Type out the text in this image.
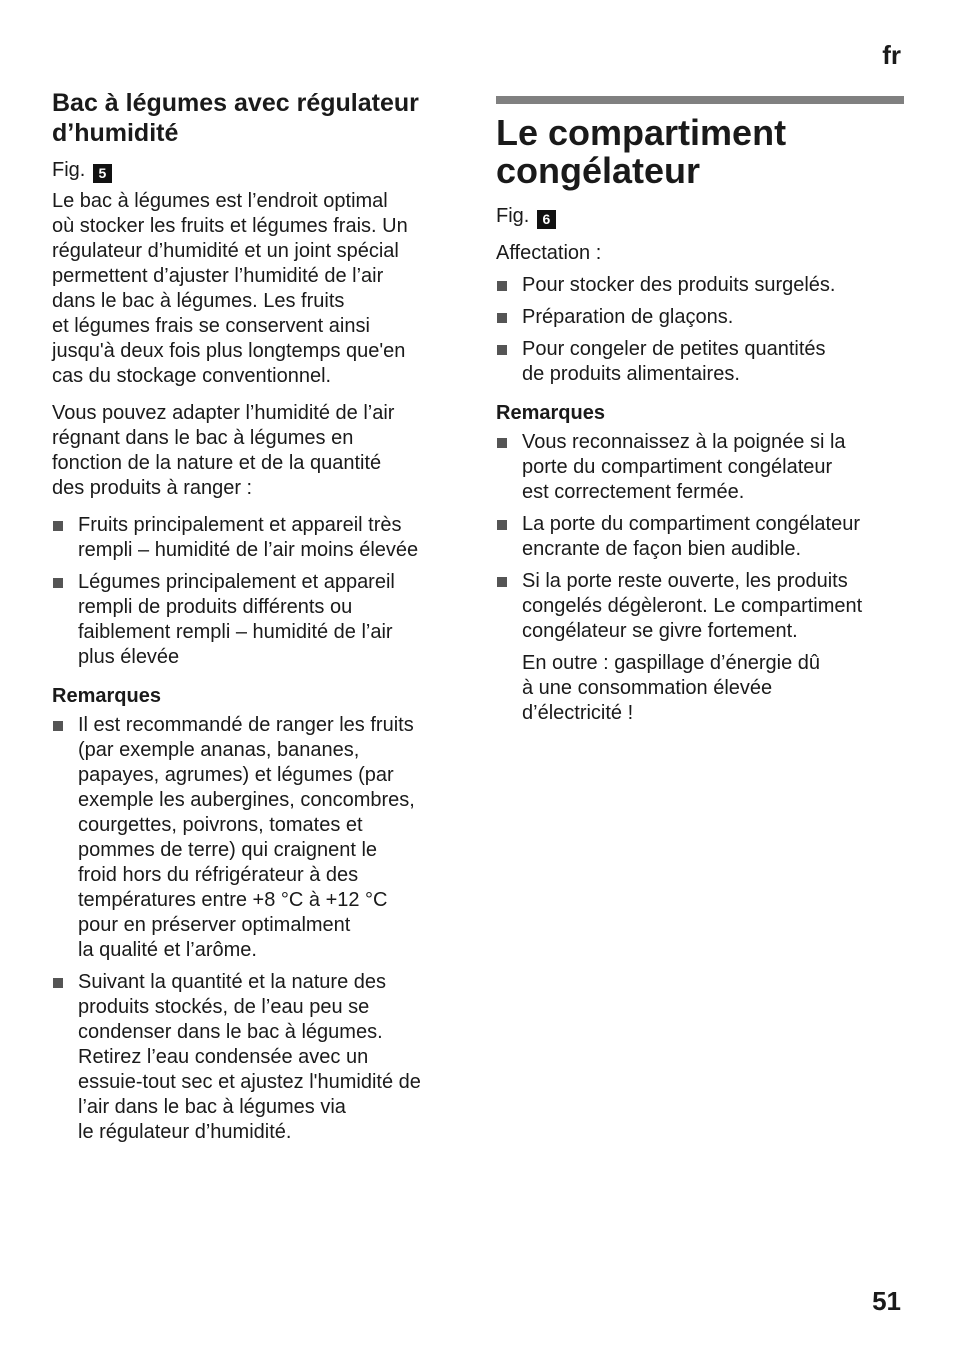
fr
Bac à légumes avec régulateur d’humidité
Fig. 5

Le bac à légumes est l’endroit optimal
où stocker les fruits et légumes frais. Un
régulateur d’humidité et un joint spécial
permettent d’ajuster l’humidité de l’air
dans le bac à légumes. Les fruits
et légumes frais se conservent ainsi
jusqu'à deux fois plus longtemps que'en
cas du stockage conventionnel.

Vous pouvez adapter l’humidité de l’air
régnant dans le bac à légumes en
fonction de la nature et de la quantité
des produits à ranger :

Fruits principalement et appareil très
rempli – humidité de l’air moins élevée
Légumes principalement et appareil
rempli de produits différents ou
faiblement rempli – humidité de l’air
plus élevée
Remarques
Il est recommandé de ranger les fruits
(par exemple ananas, bananes,
papayes, agrumes) et légumes (par
exemple les aubergines, concombres,
courgettes, poivrons, tomates et
pommes de terre) qui craignent le
froid hors du réfrigérateur à des
températures entre +8 °C à +12 °C
pour en préserver optimalment
la qualité et l’arôme.
Suivant la quantité et la nature des
produits stockés, de l’eau peu se
condenser dans le bac à légumes.
Retirez l’eau condensée avec un
essuie-tout sec et ajustez l'humidité de
l’air dans le bac à légumes via
le régulateur d’humidité.
Le compartiment
congélateur
Fig. 6

Affectation :

Pour stocker des produits surgelés.
Préparation de glaçons.
Pour congeler de petites quantités
de produits alimentaires.
Remarques
Vous reconnaissez à la poignée si la
porte du compartiment congélateur
est correctement fermée.
La porte du compartiment congélateur
encrante de façon bien audible.
Si la porte reste ouverte, les produits
congelés dégèleront. Le compartiment
congélateur se givre fortement.
En outre : gaspillage d’énergie dû
à une consommation élevée
d’électricité !
51
